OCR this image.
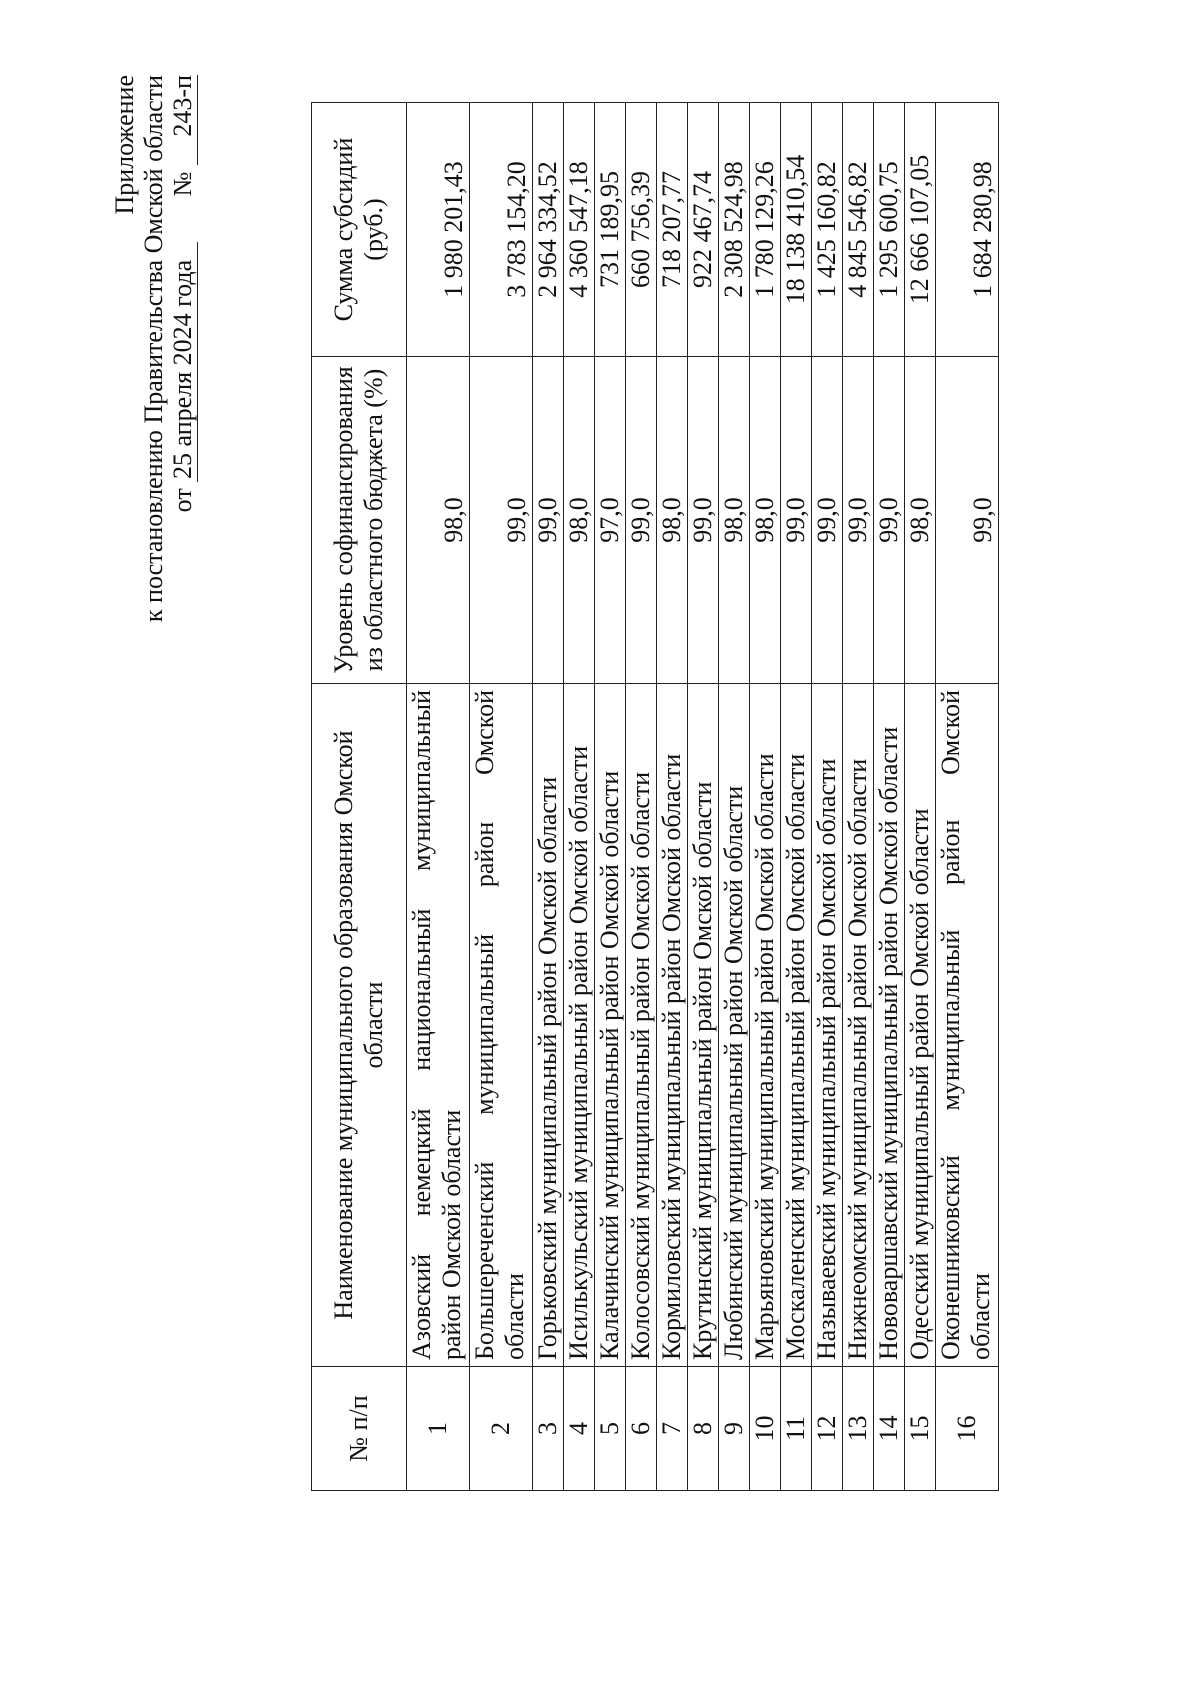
Приложение к постановлению Правительства Омской области от 25 апреля 2024 года       № 243-п
№ п/п	Наименование муниципального образования Омской области	Уровень софинансирования из областного бюджета (%)	Сумма субсидий (руб.)
1	Азовский немецкий национальный муниципальный район Омской области	98,0	1 980 201,43
2	Большереченский муниципальный район Омской области	99,0	3 783 154,20
3	Горьковский муниципальный район Омской области	99,0	2 964 334,52
4	Исилькульский муниципальный район Омской области	98,0	4 360 547,18
5	Калачинский муниципальный район Омской области	97,0	731 189,95
6	Колосовский муниципальный район Омской области	99,0	660 756,39
7	Кормиловский муниципальный район Омской области	98,0	718 207,77
8	Крутинский муниципальный район Омской области	99,0	922 467,74
9	Любинский муниципальный район Омской области	98,0	2 308 524,98
10	Марьяновский муниципальный район Омской области	98,0	1 780 129,26
11	Москаленский муниципальный район Омской области	99,0	18 138 410,54
12	Называевский муниципальный район Омской области	99,0	1 425 160,82
13	Нижнеомский муниципальный район Омской области	99,0	4 845 546,82
14	Нововаршавский муниципальный район Омской области	99,0	1 295 600,75
15	Одесский муниципальный район Омской области	98,0	12 666 107,05
16	Оконешниковский муниципальный район Омской области	99,0	1 684 280,98
